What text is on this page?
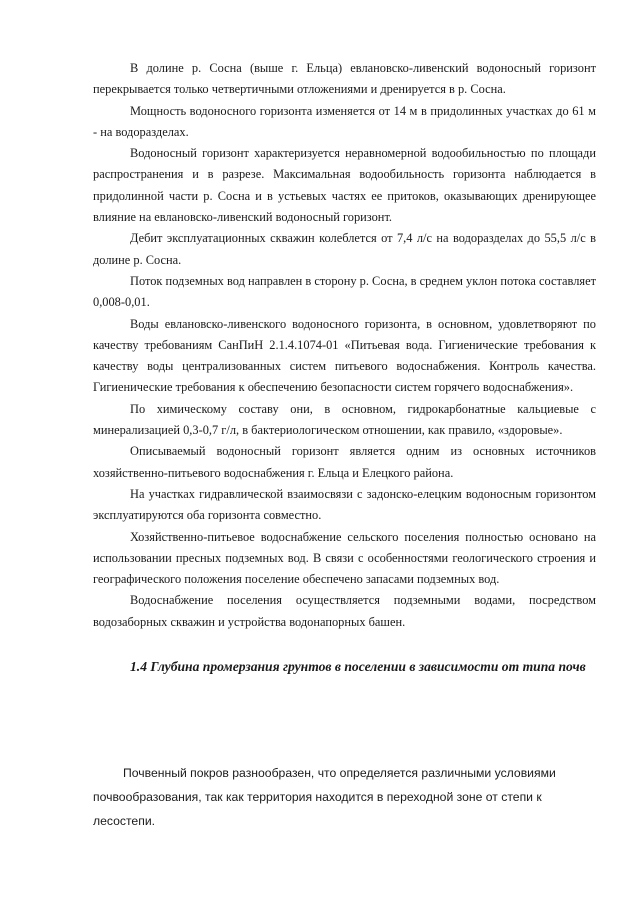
В долине р. Сосна (выше г. Ельца) евлановско-ливенский водоносный горизонт перекрывается только четвертичными отложениями и дренируется в р. Сосна.

Мощность водоносного горизонта изменяется от 14 м в придолинных участках до 61 м - на водоразделах.

Водоносный горизонт характеризуется неравномерной водообильностью по площади распространения и в разрезе. Максимальная водообильность горизонта наблюдается в придолинной части р. Сосна и в устьевых частях ее притоков, оказывающих дренирующее влияние на евлановско-ливенский водоносный горизонт.

Дебит эксплуатационных скважин колеблется от 7,4 л/с на водоразделах до 55,5 л/с в долине р. Сосна.

Поток подземных вод направлен в сторону р. Сосна, в среднем уклон потока составляет 0,008-0,01.

Воды евлановско-ливенского водоносного горизонта, в основном, удовлетворяют по качеству требованиям СанПиН 2.1.4.1074-01 «Питьевая вода. Гигиенические требования к качеству воды централизованных систем питьевого водоснабжения. Контроль качества. Гигиенические требования к обеспечению безопасности систем горячего водоснабжения».

По химическому составу они, в основном, гидрокарбонатные кальциевые с минерализацией 0,3-0,7 г/л, в бактериологическом отношении, как правило, «здоровые».

Описываемый водоносный горизонт является одним из основных источников хозяйственно-питьевого водоснабжения г. Ельца и Елецкого района.

На участках гидравлической взаимосвязи с задонско-елецким водоносным горизонтом эксплуатируются оба горизонта совместно.

Хозяйственно-питьевое водоснабжение сельского поселения полностью основано на использовании пресных подземных вод. В связи с особенностями геологического строения и географического положения поселение обеспечено запасами подземных вод.

Водоснабжение поселения осуществляется подземными водами, посредством водозаборных скважин и устройства водонапорных башен.

1.4 Глубина промерзания грунтов в поселении в зависимости от типа почв

Почвенный покров разнообразен, что определяется различными условиями почвообразования, так как территория находится в переходной зоне от степи к лесостепи.
